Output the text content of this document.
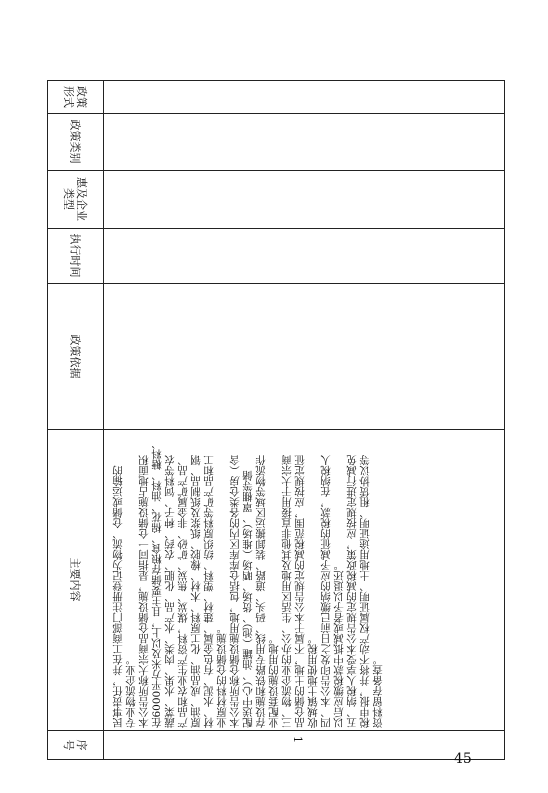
政策形式
政策类别
惠及企业类型
执行时间
政策依据
主要内容
序号	1
民事责任，并在工商部门注册登记为物流、仓储或运输的 专业物流企业。 本公告所称大宗商品仓储设施，是指同一仓储设施占地面积 在6000平方米及以上，且主要储存粮食、棉花、油料、糖料、 蔬菜、水果、肉类、水产品、化肥、农药、种子、饲料等农 产品和农业生产资料，煤炭、焦炭、矿砂、非金属矿产品、 原油、成品油、化工原料、木材、橡胶、纸浆及纸制品、钢 材、水泥、有色金属、建材、塑料、纺织原料等矿产品和工 业原材料的仓储设施。 本公告所称仓储设施用地，包括仓库库区内的各类仓房（含 配送中心）、油罐（池）、货场、晒场（堆场）、罩棚等储 存设施和铁路专用线、码头、道路、装卸搬运区域等物流作 业配套设施的用地。 三、物流企业的办公、生活区用地及其他非直接用于大宗商 品仓储的土地，不属于本公告规定的减税范围，应按规定征 收城镇土地使用税。 四、本公告印发之日前已缴纳的应予减征的税款，在纳税人 以后应缴税款中抵减或者予以退还。 五、纳税人享受本公告规定的减税政策，应按规定进行减免 税申报，并将不动产权属证明、土地用途证明、租赁协议等 资料留存备查。
45
